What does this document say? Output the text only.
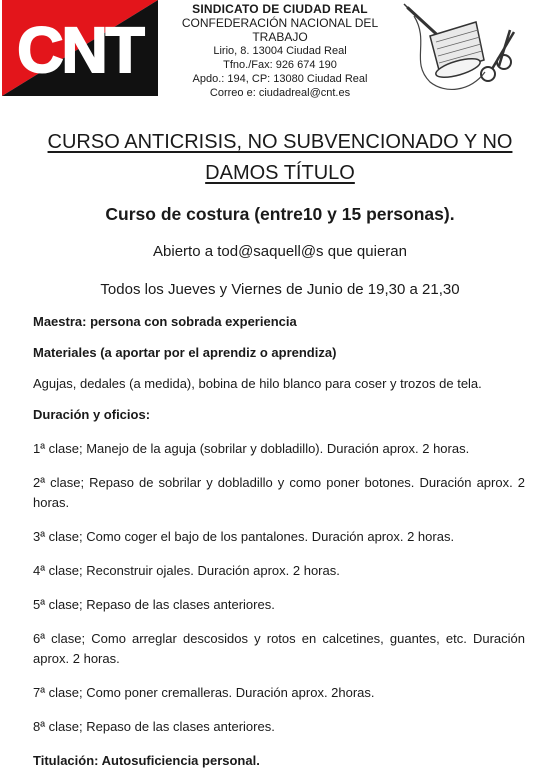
CNT
SINDICATO DE CIUDAD REAL
CONFEDERACIÓN NACIONAL DEL TRABAJO
Lirio, 8. 13004 Ciudad Real
Tfno./Fax: 926 674 190
Apdo.: 194, CP: 13080 Ciudad Real
Correo e: ciudadreal@cnt.es
CURSO ANTICRISIS, NO SUBVENCIONADO Y NO
DAMOS TÍTULO
Curso de costura (entre10 y 15 personas).
Abierto a tod@saquell@s que quieran
Todos los Jueves y Viernes de Junio de 19,30 a 21,30

Maestra: persona con sobrada experiencia

Materiales (a aportar por el aprendiz o aprendiza)

Agujas, dedales (a medida), bobina de hilo blanco para coser y trozos de tela.

Duración y oficios:

1ª clase; Manejo de la aguja (sobrilar y dobladillo). Duración aprox. 2 horas.

2ª clase; Repaso de sobrilar y dobladillo y como poner botones. Duración aprox. 2 horas.

3ª clase; Como coger el bajo de los pantalones. Duración aprox. 2 horas.

4ª clase; Reconstruir ojales. Duración aprox. 2 horas.

5ª clase; Repaso de las clases anteriores.

6ª clase; Como arreglar descosidos y rotos en calcetines, guantes, etc. Duración aprox. 2 horas.

7ª clase; Como poner cremalleras. Duración aprox. 2horas.

8ª clase; Repaso de las clases anteriores.

Titulación: Autosuficiencia personal.
